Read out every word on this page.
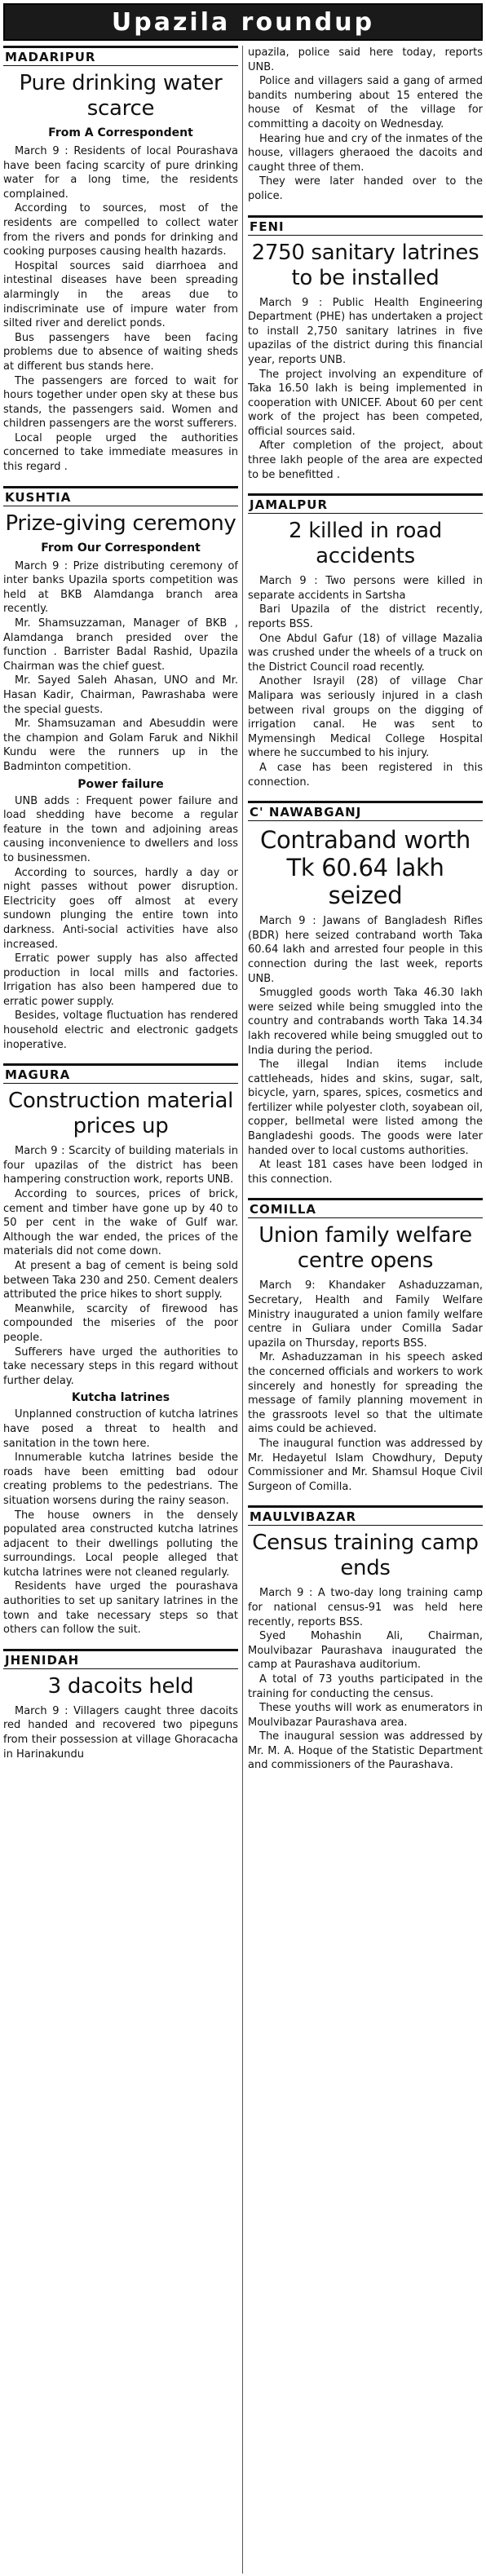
Upazila roundup
MADARIPUR
Pure drinking water scarce
From A Correspondent

March 9 : Residents of local Pourashava have been facing scarcity of pure drinking water for a long time, the residents complained.

According to sources, most of the residents are compelled to collect water from the rivers and ponds for drinking and cooking purposes causing health hazards.

Hospital sources said diarrhoea and intestinal diseases have been spreading alarmingly in the areas due to indiscriminate use of impure water from silted river and derelict ponds.

Bus passengers have been facing problems due to absence of waiting sheds at different bus stands here.

The passengers are forced to wait for hours together under open sky at these bus stands, the passengers said. Women and children passengers are the worst sufferers.

Local people urged the authorities concerned to take immediate measures in this regard .

KUSHTIA
Prize-giving ceremony
From Our Correspondent

March 9 : Prize distributing ceremony of inter banks Upazila sports competition was held at BKB Alamdanga branch area recently.

Mr. Shamsuzzaman, Manager of BKB , Alamdanga branch presided over the function . Barrister Badal Rashid, Upazila Chairman was the chief guest.

Mr. Sayed Saleh Ahasan, UNO and Mr. Hasan Kadir, Chairman, Pawrashaba were the special guests.

Mr. Shamsuzaman and Abesuddin were the champion and Golam Faruk and Nikhil Kundu were the runners up in the Badminton competition.

Power failure

UNB adds : Frequent power failure and load shedding have become a regular feature in the town and adjoining areas causing inconvenience to dwellers and loss to businessmen.

According to sources, hardly a day or night passes without power disruption. Electricity goes off almost at every sundown plunging the entire town into darkness. Anti-social activities have also increased.

Erratic power supply has also affected production in local mills and factories. Irrigation has also been hampered due to erratic power supply.

Besides, voltage fluctuation has rendered household electric and electronic gadgets inoperative.

MAGURA
Construction material prices up

March 9 : Scarcity of building materials in four upazilas of the district has been hampering construction work, reports UNB.

According to sources, prices of brick, cement and timber have gone up by 40 to 50 per cent in the wake of Gulf war. Although the war ended, the prices of the materials did not come down.

At present a bag of cement is being sold between Taka 230 and 250. Cement dealers attributed the price hikes to short supply.

Meanwhile, scarcity of firewood has compounded the miseries of the poor people.

Sufferers have urged the authorities to take necessary steps in this regard without further delay.

Kutcha latrines

Unplanned construction of kutcha latrines have posed a threat to health and sanitation in the town here.

Innumerable kutcha latrines beside the roads have been emitting bad odour creating problems to the pedestrians. The situation worsens during the rainy season.

The house owners in the densely populated area constructed kutcha latrines adjacent to their dwellings polluting the surroundings. Local people alleged that kutcha latrines were not cleaned regularly.

Residents have urged the pourashava authorities to set up sanitary latrines in the town and take necessary steps so that others can follow the suit.

JHENIDAH
3 dacoits held

March 9 : Villagers caught three dacoits red handed and recovered two pipeguns from their possession at village Ghoracacha in Harinakundu

upazila, police said here today, reports UNB.

Police and villagers said a gang of armed bandits numbering about 15 entered the house of Kesmat of the village for committing a dacoity on Wednesday.

Hearing hue and cry of the inmates of the house, villagers gheraoed the dacoits and caught three of them.

They were later handed over to the police.

FENI
2750 sanitary latrines to be installed

March 9 : Public Health Engineering Department (PHE) has undertaken a project to install 2,750 sanitary latrines in five upazilas of the district during this financial year, reports UNB.

The project involving an expenditure of Taka 16.50 lakh is being implemented in cooperation with UNICEF. About 60 per cent work of the project has been competed, official sources said.

After completion of the project, about three lakh people of the area are expected to be benefitted .

JAMALPUR
2 killed in road accidents

March 9 : Two persons were killed in separate accidents in Sartsha

Bari Upazila of the district recently, reports BSS.

One Abdul Gafur (18) of village Mazalia was crushed under the wheels of a truck on the District Council road recently.

Another Israyil (28) of village Char Malipara was seriously injured in a clash between rival groups on the digging of irrigation canal. He was sent to Mymensingh Medical College Hospital where he succumbed to his injury.

A case has been registered in this connection.

C' NAWABGANJ
Contraband worth Tk 60.64 lakh seized

March 9 : Jawans of Bangladesh Rifles (BDR) here seized contraband worth Taka 60.64 lakh and arrested four people in this connection during the last week, reports UNB.

Smuggled goods worth Taka 46.30 lakh were seized while being smuggled into the country and contrabands worth Taka 14.34 lakh recovered while being smuggled out to India during the period.

The illegal Indian items include cattleheads, hides and skins, sugar, salt, bicycle, yarn, spares, spices, cosmetics and fertilizer while polyester cloth, soyabean oil, copper, bellmetal were listed among the Bangladeshi goods. The goods were later handed over to local customs authorities.

At least 181 cases have been lodged in this connection.

COMILLA
Union family welfare centre opens

March 9: Khandaker Ashaduzzaman, Secretary, Health and Family Welfare Ministry inaugurated a union family welfare centre in Guliara under Comilla Sadar upazila on Thursday, reports BSS.

Mr. Ashaduzzaman in his speech asked the concerned officials and workers to work sincerely and honestly for spreading the message of family planning movement in the grassroots level so that the ultimate aims could be achieved.

The inaugural function was addressed by Mr. Hedayetul Islam Chowdhury, Deputy Commissioner and Mr. Shamsul Hoque Civil Surgeon of Comilla.

MAULVIBAZAR
Census training camp ends

March 9 : A two-day long training camp for national census-91 was held here recently, reports BSS.

Syed Mohashin Ali, Chairman, Moulvibazar Paurashava inaugurated the camp at Paurashava auditorium.

A total of 73 youths participated in the training for conducting the census.

These youths will work as enumerators in Moulvibazar Paurashava area.

The inaugural session was addressed by Mr. M. A. Hoque of the Statistic Department and commissioners of the Paurashava.
